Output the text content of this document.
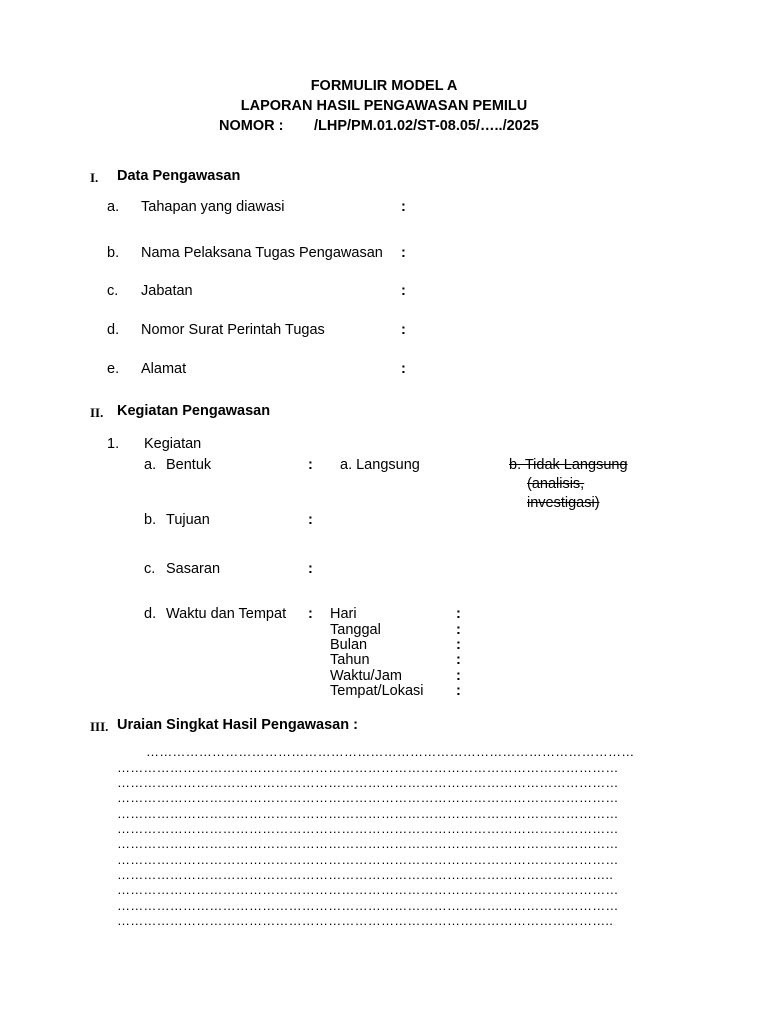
FORMULIR MODEL A
LAPORAN HASIL PENGAWASAN PEMILU
NOMOR : /LHP/PM.01.02/ST-08.05/…../2025
I. Data Pengawasan
a. Tahapan yang diawasi	:
b. Nama Pelaksana Tugas Pengawasan :
c. Jabatan	:
d. Nomor Surat Perintah Tugas	:
e. Alamat	:
II. Kegiatan Pengawasan
1. Kegiatan
a. Bentuk	: a. Langsung	b. Tidak Langsung
(analisis,
investigasi)
b. Tujuan	:
c. Sasaran	:
d. Waktu dan Tempat : Hari	:
Tanggal	:
Bulan	:
Tahun	:
Waktu/Jam	:
Tempat/Lokasi :
III. Uraian Singkat Hasil Pengawasan :
…………………………………………………………………………………………………
……………………………………………………………………………………………………
……………………………………………………………………………………………………
……………………………………………………………………………………………………
……………………………………………………………………………………………………
……………………………………………………………………………………………………
……………………………………………………………………………………………………
……………………………………………………………………………………………………
…………………………………………………………………………………………………..
……………………………………………………………………………………………………
……………………………………………………………………………………………………
…………………………………………………………………………………………………..
